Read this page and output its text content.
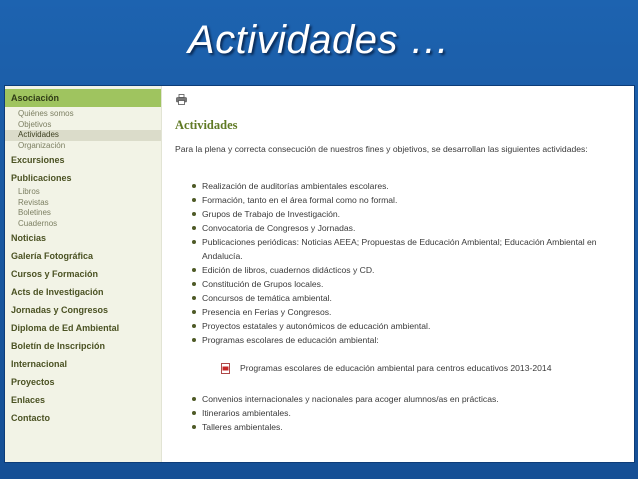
Actividades …
Asociación
Quiénes somos
Objetivos
Actividades
Organización
Excursiones
Publicaciones
Libros
Revistas
Boletines
Cuadernos
Noticias
Galería Fotográfica
Cursos y Formación
Acts de Investigación
Jornadas y Congresos
Diploma de Ed Ambiental
Boletín de Inscripción
Internacional
Proyectos
Enlaces
Contacto
Actividades
Para la plena y correcta consecución de nuestros fines y objetivos, se desarrollan las siguientes actividades:
Realización de auditorías ambientales escolares.
Formación, tanto en el área formal como no formal.
Grupos de Trabajo de Investigación.
Convocatoria de Congresos y Jornadas.
Publicaciones periódicas: Noticias AEEA; Propuestas de Educación Ambiental; Educación Ambiental en Andalucía.
Edición de libros, cuadernos didácticos y CD.
Constitución de Grupos locales.
Concursos de temática ambiental.
Presencia en Ferias y Congresos.
Proyectos estatales y autonómicos de educación ambiental.
Programas escolares de educación ambiental:
Programas escolares de educación ambiental para centros educativos 2013-2014
Convenios internacionales y nacionales para acoger alumnos/as en prácticas.
Itinerarios ambientales.
Talleres ambientales.
